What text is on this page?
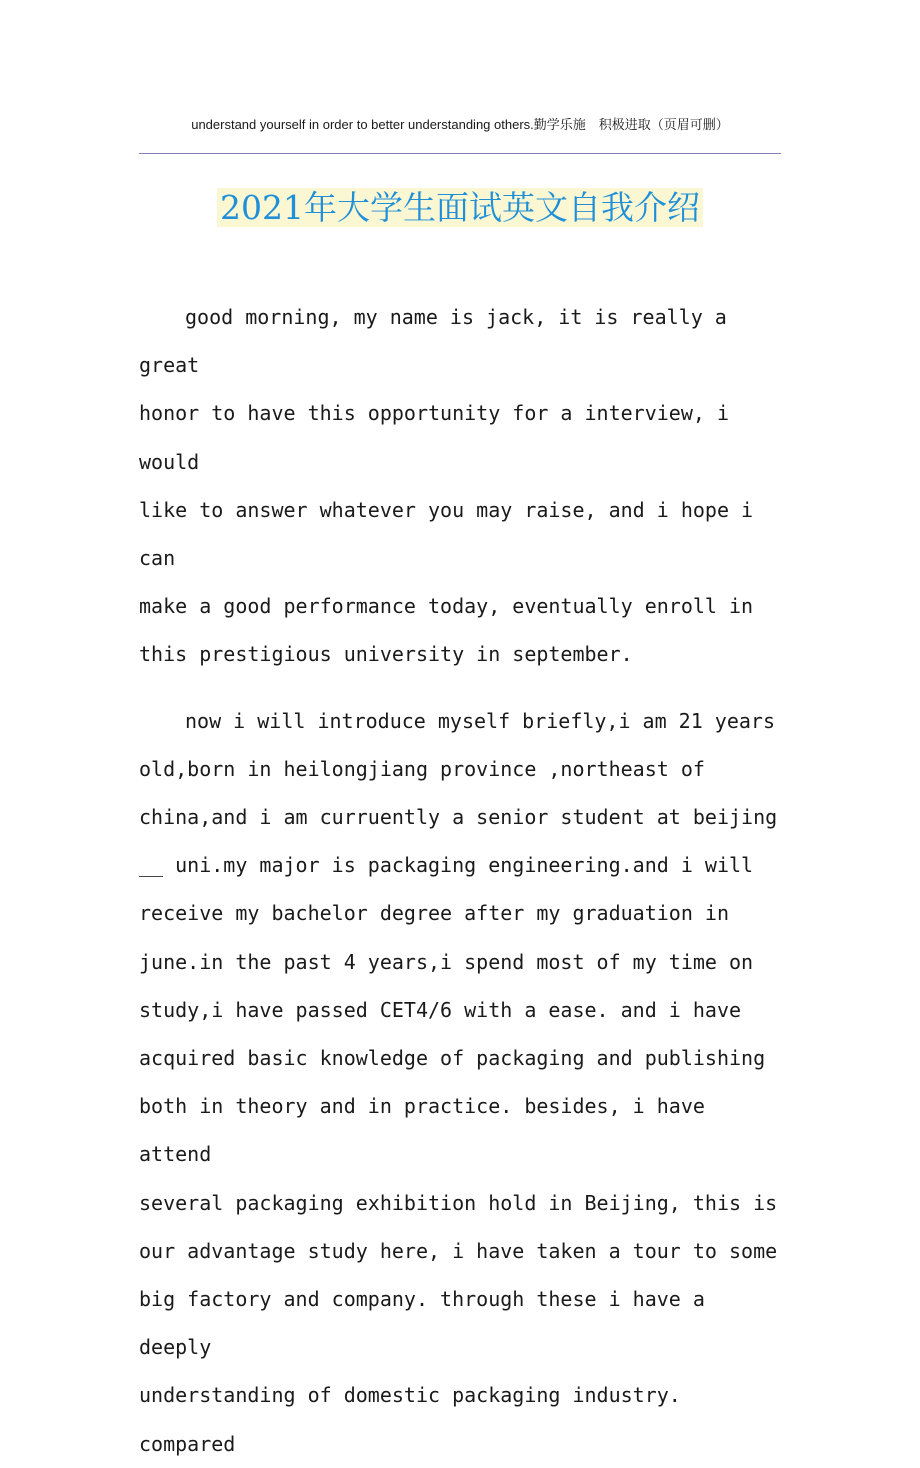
understand yourself in order to better understanding others.勤学乐施　积极进取（页眉可删）
2021年大学生面试英文自我介绍

good morning, my name is jack, it is really a great
honor to have this opportunity for a interview, i would
like to answer whatever you may raise, and i hope i can
make a good performance today, eventually enroll in
this prestigious university in september.

now i will introduce myself briefly,i am 21 years
old,born in heilongjiang province ,northeast of
china,and i am curruently a senior student at beijing
__ uni.my major is packaging engineering.and i will
receive my bachelor degree after my graduation in
june.in the past 4 years,i spend most of my time on
study,i have passed CET4/6 with a ease. and i have
acquired basic knowledge of packaging and publishing
both in theory and in practice. besides, i have attend
several packaging exhibition hold in Beijing, this is
our advantage study here, i have taken a tour to some
big factory and company. through these i have a deeply
understanding of domestic packaging industry. compared
